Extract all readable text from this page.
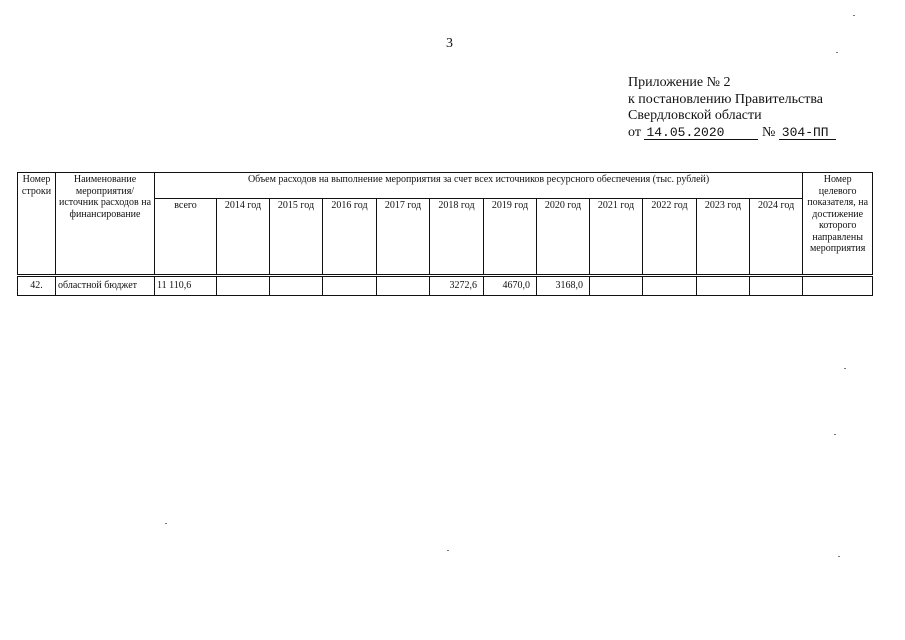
3
Приложение № 2
к постановлению Правительства
Свердловской области
от 14.05.2020	№ 304-ПП
Номер строки	Наименование мероприятия/ источник расходов на финансирование	Объем расходов на выполнение мероприятия за счет всех источников ресурсного обеспечения (тыс. рублей)												Номер целевого показателя, на достижение которого направлены мероприятия
		всего	2014 год	2015 год	2016 год	2017 год	2018 год	2019 год	2020 год	2021 год	2022 год	2023 год	2024 год	

42.	областной бюджет	11 110,6					3272,6	4670,0	3168,0					
